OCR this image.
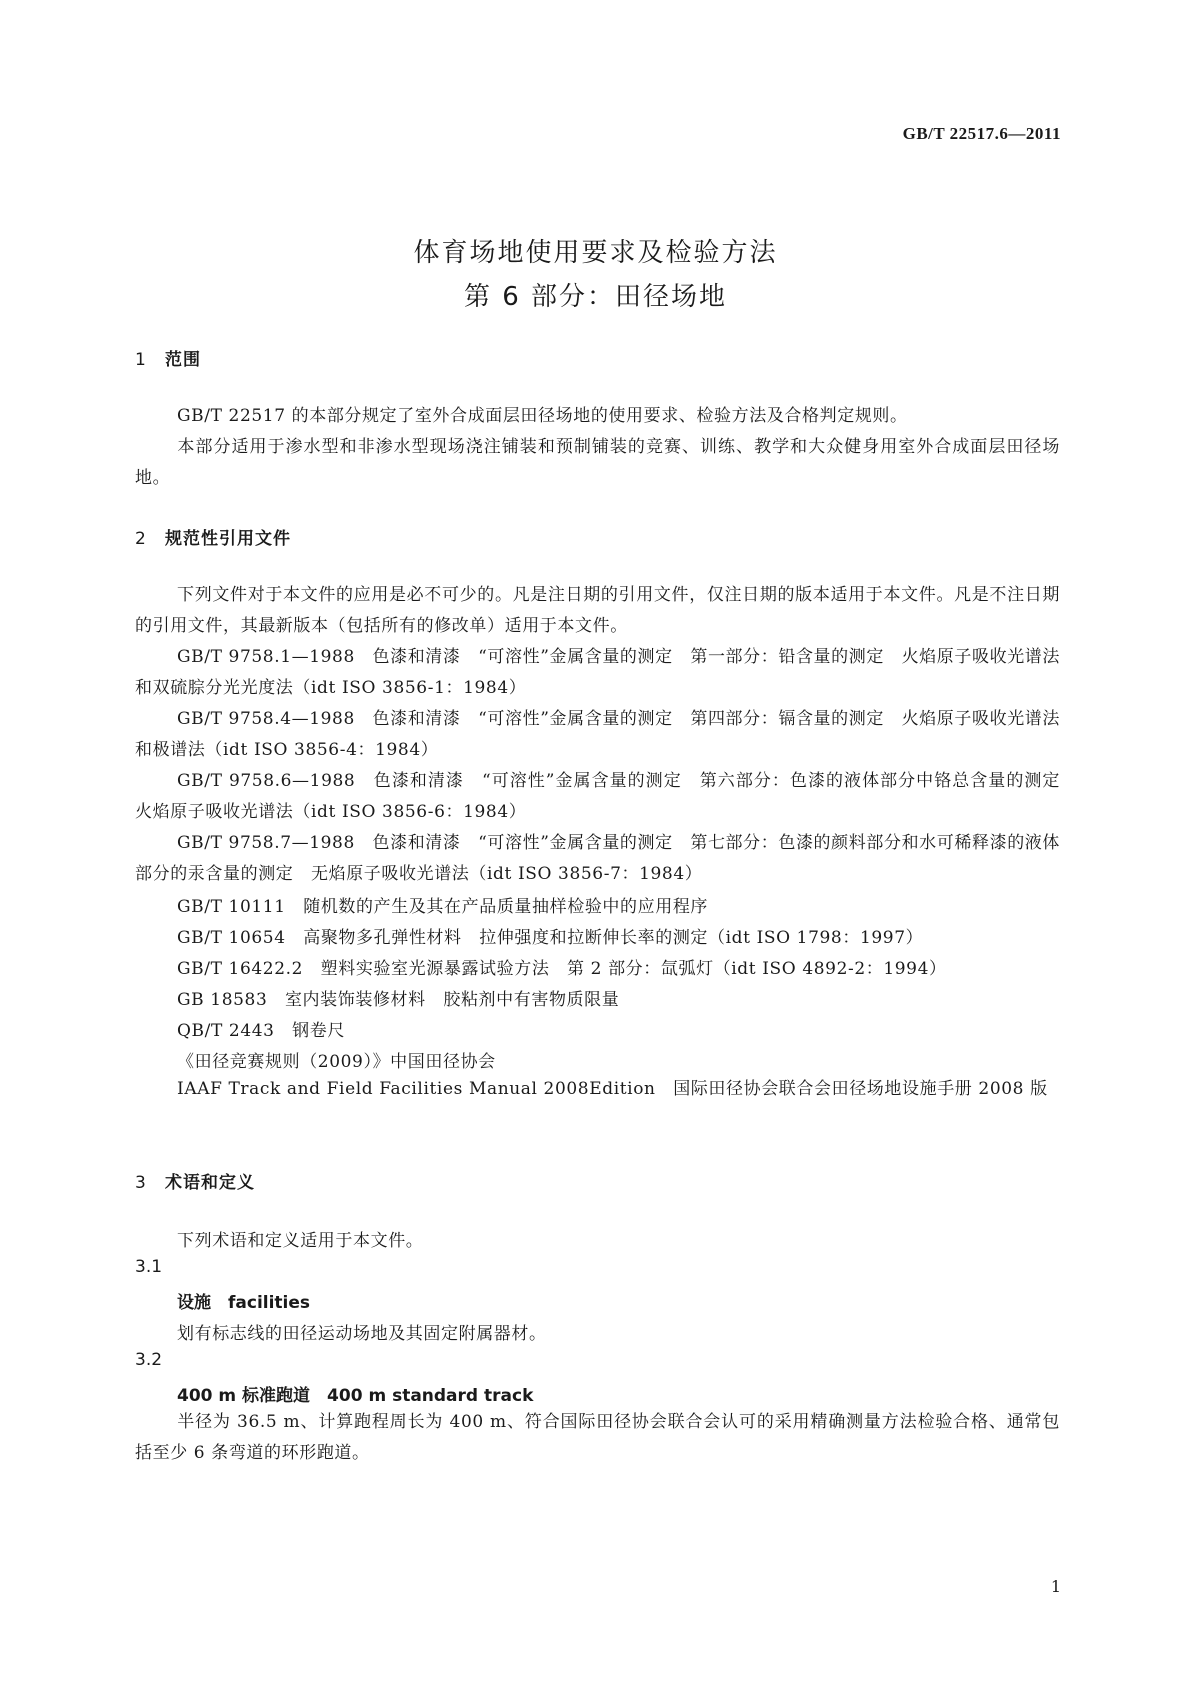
GB/T 22517.6—2011
体育场地使用要求及检验方法
第 6 部分：田径场地
1 范围
GB/T 22517 的本部分规定了室外合成面层田径场地的使用要求、检验方法及合格判定规则。
本部分适用于渗水型和非渗水型现场浇注铺装和预制铺装的竞赛、训练、教学和大众健身用室外合成面层田径场地。
2 规范性引用文件
下列文件对于本文件的应用是必不可少的。凡是注日期的引用文件，仅注日期的版本适用于本文件。凡是不注日期的引用文件，其最新版本（包括所有的修改单）适用于本文件。
GB/T 9758.1—1988　色漆和清漆　“可溶性”金属含量的测定　第一部分：铅含量的测定　火焰原子吸收光谱法和双硫腙分光光度法（idt ISO 3856-1：1984）
GB/T 9758.4—1988　色漆和清漆　“可溶性”金属含量的测定　第四部分：镉含量的测定　火焰原子吸收光谱法和极谱法（idt ISO 3856-4：1984）
GB/T 9758.6—1988　色漆和清漆　“可溶性”金属含量的测定　第六部分：色漆的液体部分中铬总含量的测定　火焰原子吸收光谱法（idt ISO 3856-6：1984）
GB/T 9758.7—1988　色漆和清漆　“可溶性”金属含量的测定　第七部分：色漆的颜料部分和水可稀释漆的液体部分的汞含量的测定　无焰原子吸收光谱法（idt ISO 3856-7：1984）
GB/T 10111　随机数的产生及其在产品质量抽样检验中的应用程序
GB/T 10654　高聚物多孔弹性材料　拉伸强度和拉断伸长率的测定（idt ISO 1798：1997）
GB/T 16422.2　塑料实验室光源暴露试验方法　第 2 部分：氙弧灯（idt ISO 4892-2：1994）
GB 18583　室内装饰装修材料　胶粘剂中有害物质限量
QB/T 2443　钢卷尺
《田径竞赛规则（2009）》中国田径协会
IAAF Track and Field Facilities Manual 2008Edition　国际田径协会联合会田径场地设施手册 2008 版
3 术语和定义
下列术语和定义适用于本文件。
3.1
设施　facilities
划有标志线的田径运动场地及其固定附属器材。
3.2
400 m 标准跑道　400 m standard track
半径为 36.5 m、计算跑程周长为 400 m、符合国际田径协会联合会认可的采用精确测量方法检验合格、通常包括至少 6 条弯道的环形跑道。
1
